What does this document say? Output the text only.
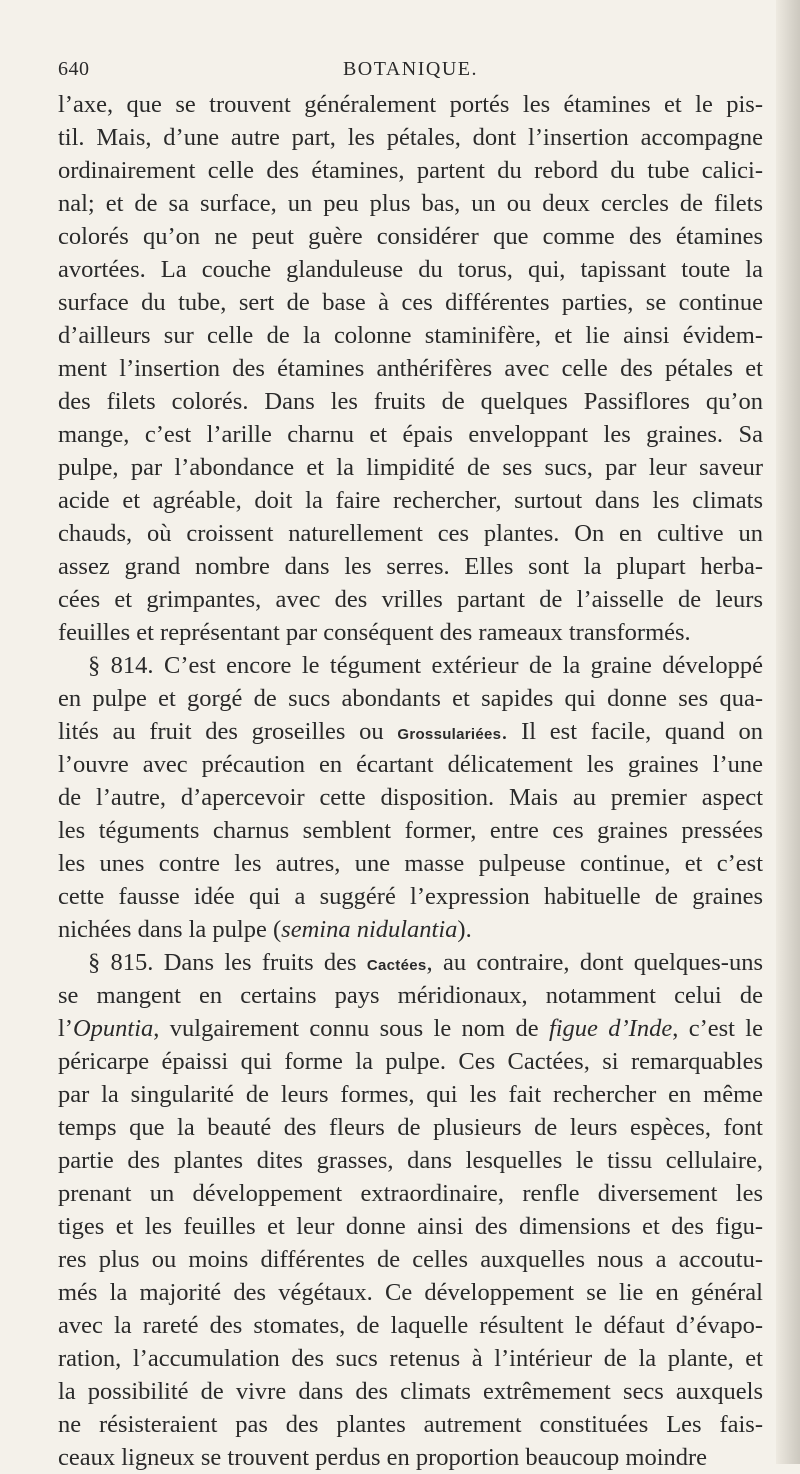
640	BOTANIQUE.
l’axe, que se trouvent généralement portés les étamines et le pis-
til. Mais, d’une autre part, les pétales, dont l’insertion accompagne
ordinairement celle des étamines, partent du rebord du tube calici-
nal; et de sa surface, un peu plus bas, un ou deux cercles de filets
colorés qu’on ne peut guère considérer que comme des étamines
avortées. La couche glanduleuse du torus, qui, tapissant toute la
surface du tube, sert de base à ces différentes parties, se continue
d’ailleurs sur celle de la colonne staminifère, et lie ainsi évidem-
ment l’insertion des étamines anthérifères avec celle des pétales et
des filets colorés. Dans les fruits de quelques Passiflores qu’on
mange, c’est l’arille charnu et épais enveloppant les graines. Sa
pulpe, par l’abondance et la limpidité de ses sucs, par leur saveur
acide et agréable, doit la faire rechercher, surtout dans les climats
chauds, où croissent naturellement ces plantes. On en cultive un
assez grand nombre dans les serres. Elles sont la plupart herba-
cées et grimpantes, avec des vrilles partant de l’aisselle de leurs
feuilles et représentant par conséquent des rameaux transformés.
§ 814. C’est encore le tégument extérieur de la graine développé
en pulpe et gorgé de sucs abondants et sapides qui donne ses qua-
lités au fruit des groseilles ou Grossulariées. Il est facile, quand on
l’ouvre avec précaution en écartant délicatement les graines l’une
de l’autre, d’apercevoir cette disposition. Mais au premier aspect
les téguments charnus semblent former, entre ces graines pressées
les unes contre les autres, une masse pulpeuse continue, et c’est
cette fausse idée qui a suggéré l’expression habituelle de graines
nichées dans la pulpe (semina nidulantia).
§ 815. Dans les fruits des Cactées, au contraire, dont quelques-uns
se mangent en certains pays méridionaux, notamment celui de
l’Opuntia, vulgairement connu sous le nom de figue d’Inde, c’est le
péricarpe épaissi qui forme la pulpe. Ces Cactées, si remarquables
par la singularité de leurs formes, qui les fait rechercher en même
temps que la beauté des fleurs de plusieurs de leurs espèces, font
partie des plantes dites grasses, dans lesquelles le tissu cellulaire,
prenant un développement extraordinaire, renfle diversement les
tiges et les feuilles et leur donne ainsi des dimensions et des figu-
res plus ou moins différentes de celles auxquelles nous a accoutu-
més la majorité des végétaux. Ce développement se lie en général
avec la rareté des stomates, de laquelle résultent le défaut d’évapo-
ration, l’accumulation des sucs retenus à l’intérieur de la plante, et
la possibilité de vivre dans des climats extrêmement secs auxquels
ne résisteraient pas des plantes autrement constituées Les fais-
ceaux ligneux se trouvent perdus en proportion beaucoup moindre
